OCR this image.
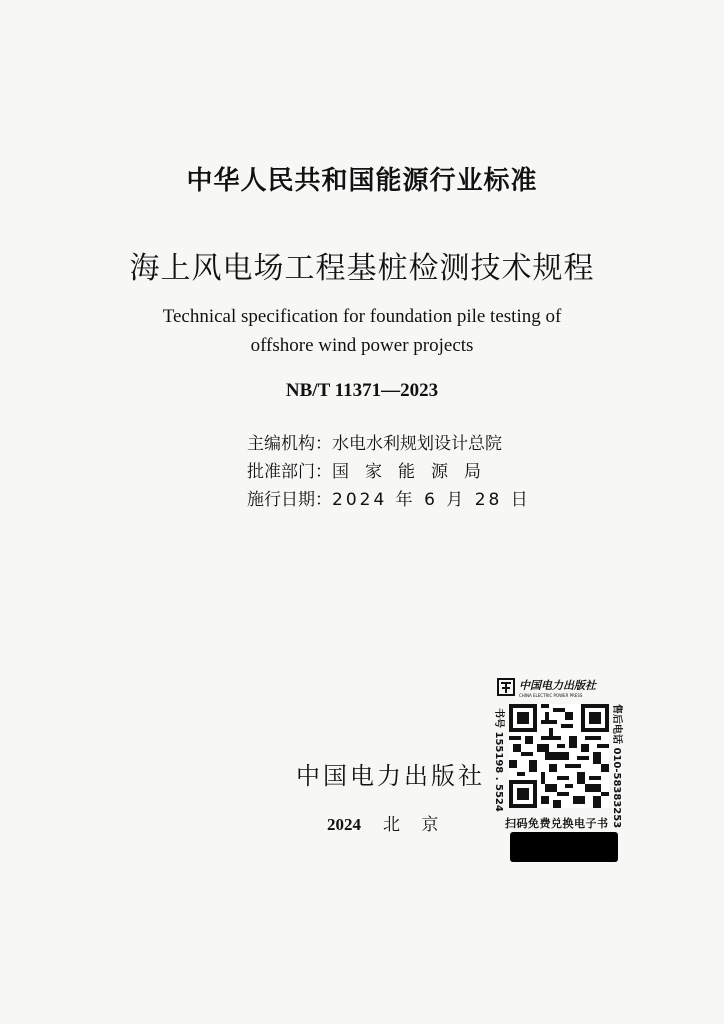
中华人民共和国能源行业标准
海上风电场工程基桩检测技术规程
Technical specification for foundation pile testing of
offshore wind power projects
NB/T 11371—2023
主编机构：水电水利规划设计总院
批准部门：国家能源局
施行日期：2024 年 6 月 28 日
中国电力出版社
2024 北 京
中国电力出版社
CHINA ELECTRIC POWER PRESS
书号 155198 . 5524	售后电话 010-58383253
扫码免费兑换电子书
